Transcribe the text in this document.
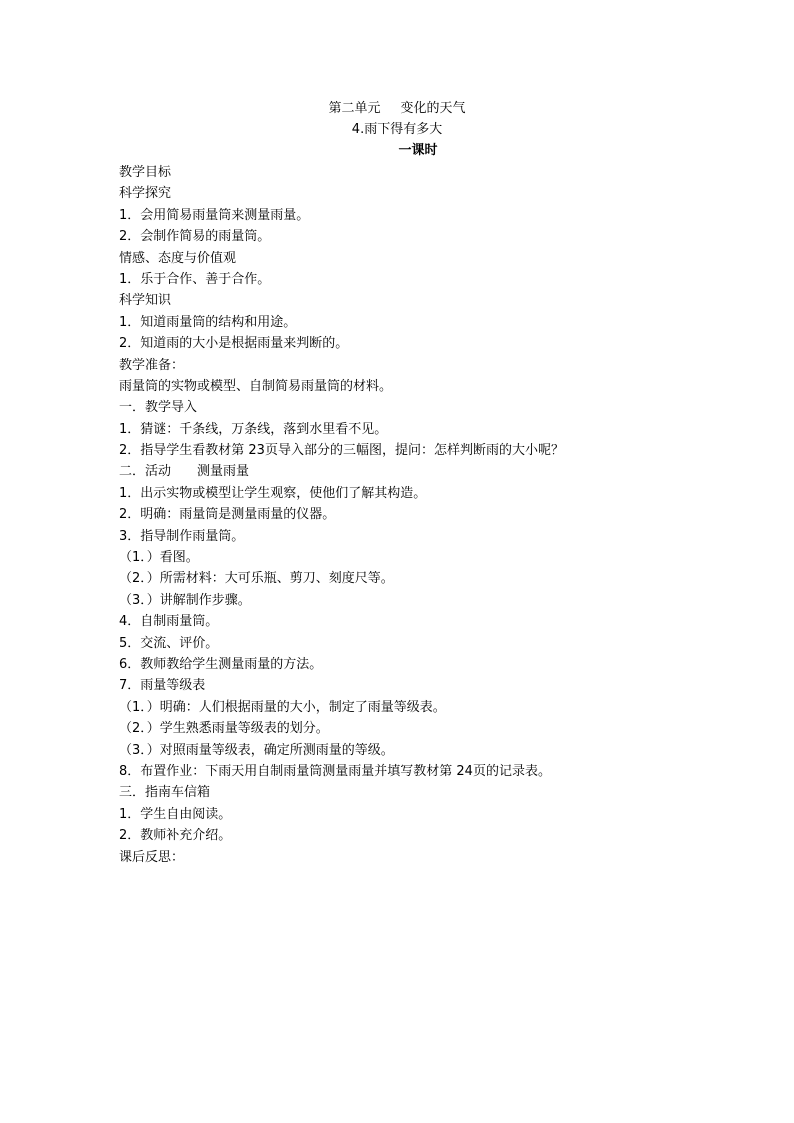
第二单元 变化的天气
4.雨下得有多大
一课时
教学目标
科学探究
1．会用简易雨量筒来测量雨量。
2．会制作简易的雨量筒。
情感、态度与价值观
1．乐于合作、善于合作。
科学知识
1．知道雨量筒的结构和用途。
2．知道雨的大小是根据雨量来判断的。
教学准备：
雨量筒的实物或模型、自制简易雨量筒的材料。
一．教学导入
1．猜谜：千条线，万条线，落到水里看不见。
2．指导学生看教材第 23页导入部分的三幅图，提问：怎样判断雨的大小呢？
二．活动　　测量雨量
1．出示实物或模型让学生观察，使他们了解其构造。
2．明确：雨量筒是测量雨量的仪器。
3．指导制作雨量筒。
（1．）看图。
（2．）所需材料：大可乐瓶、剪刀、刻度尺等。
（3．）讲解制作步骤。
4．自制雨量筒。
5．交流、评价。
6．教师教给学生测量雨量的方法。
7．雨量等级表
（1．）明确：人们根据雨量的大小，制定了雨量等级表。
（2．）学生熟悉雨量等级表的划分。
（3．）对照雨量等级表，确定所测雨量的等级。
8．布置作业：下雨天用自制雨量筒测量雨量并填写教材第 24页的记录表。
三．指南车信箱
1．学生自由阅读。
2．教师补充介绍。
课后反思：
